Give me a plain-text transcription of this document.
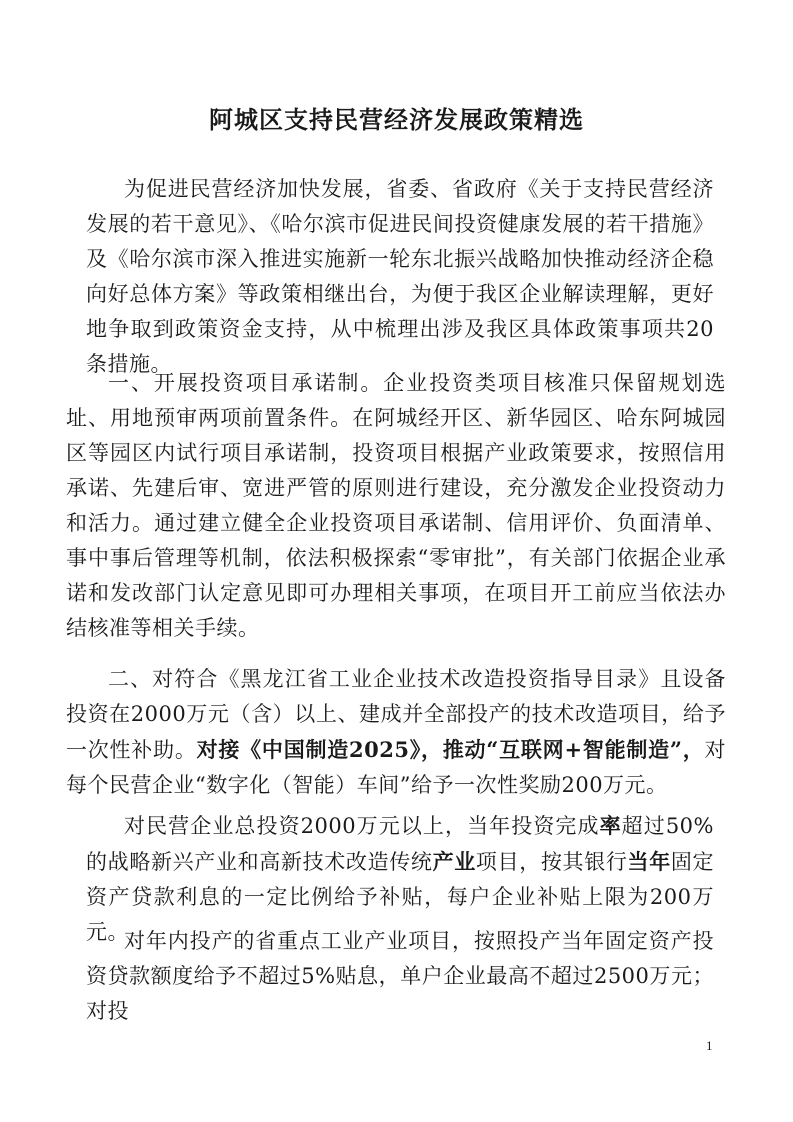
阿城区支持民营经济发展政策精选
为促进民营经济加快发展，省委、省政府《关于支持民营经济发展的若干意见》、《哈尔滨市促进民间投资健康发展的若干措施》及《哈尔滨市深入推进实施新一轮东北振兴战略加快推动经济企稳向好总体方案》等政策相继出台，为便于我区企业解读理解，更好地争取到政策资金支持，从中梳理出涉及我区具体政策事项共20条措施。
一、开展投资项目承诺制。企业投资类项目核准只保留规划选址、用地预审两项前置条件。在阿城经开区、新华园区、哈东阿城园区等园区内试行项目承诺制，投资项目根据产业政策要求，按照信用承诺、先建后审、宽进严管的原则进行建设，充分激发企业投资动力和活力。通过建立健全企业投资项目承诺制、信用评价、负面清单、事中事后管理等机制，依法积极探索“零审批”，有关部门依据企业承诺和发改部门认定意见即可办理相关事项，在项目开工前应当依法办结核准等相关手续。
二、对符合《黑龙江省工业企业技术改造投资指导目录》且设备投资在2000万元（含）以上、建成并全部投产的技术改造项目，给予一次性补助。对接《中国制造2025》，推动“互联网+智能制造”，对每个民营企业“数字化（智能）车间”给予一次性奖励200万元。
对民营企业总投资2000万元以上，当年投资完成率超过50%的战略新兴产业和高新技术改造传统产业项目，按其银行当年固定资产贷款利息的一定比例给予补贴，每户企业补贴上限为200万元。
对年内投产的省重点工业产业项目，按照投产当年固定资产投资贷款额度给予不超过5%贴息，单户企业最高不超过2500万元；对投
1
